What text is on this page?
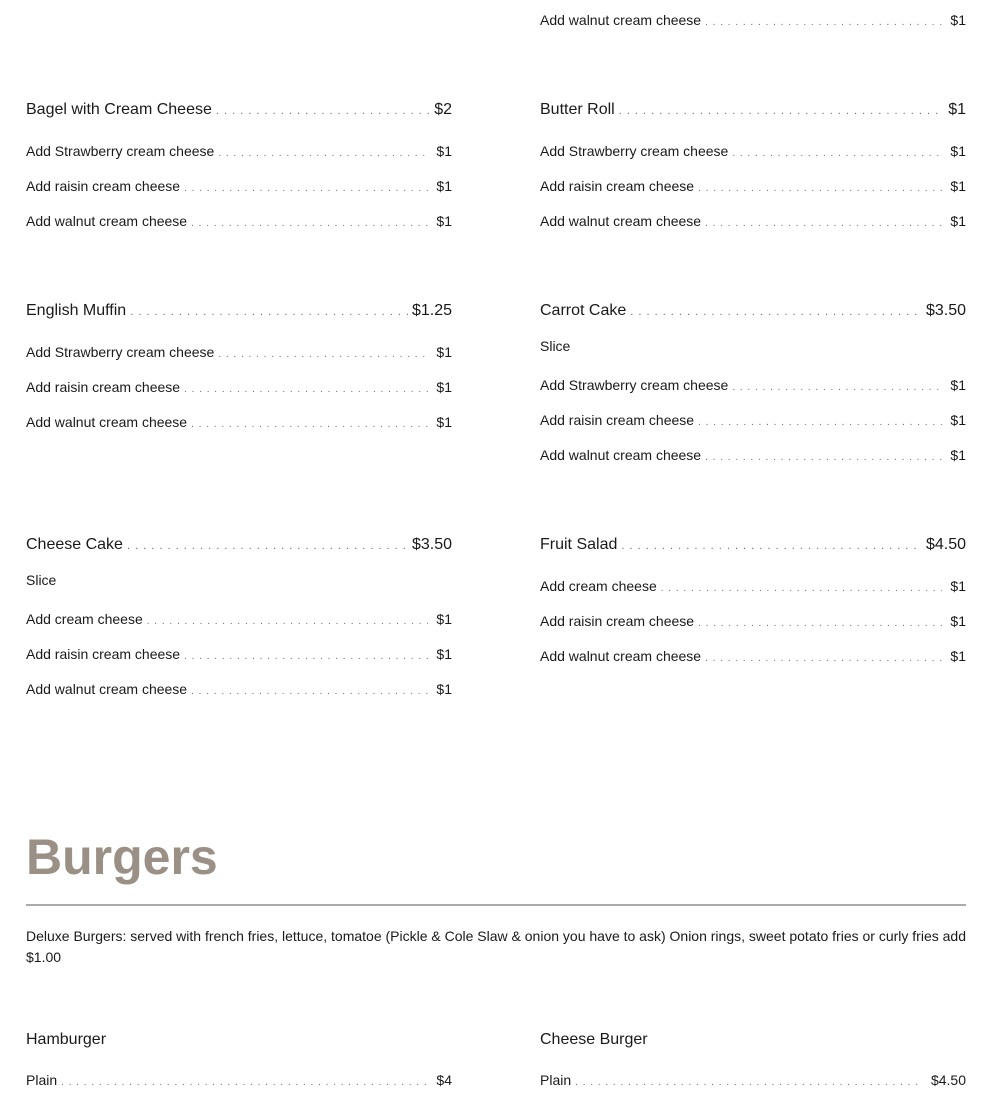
Add walnut cream cheese . . .	$1
Bagel with Cream Cheese . . .	$2
Add Strawberry cream cheese . . .	$1
Add raisin cream cheese . . .	$1
Add walnut cream cheese . . .	$1
English Muffin . . .	$1.25
Add Strawberry cream cheese . . .	$1
Add raisin cream cheese . . .	$1
Add walnut cream cheese . . .	$1
Cheese Cake . . .	$3.50
Slice
Add cream cheese . . .	$1
Add raisin cream cheese . . .	$1
Add walnut cream cheese . . .	$1
Hamburger
Plain . . .	$4
Butter Roll . . .	$1
Add Strawberry cream cheese . . .	$1
Add raisin cream cheese . . .	$1
Add walnut cream cheese . . .	$1
Carrot Cake . . .	$3.50
Slice
Add Strawberry cream cheese . . .	$1
Add raisin cream cheese . . .	$1
Add walnut cream cheese . . .	$1
Fruit Salad . . .	$4.50
Add cream cheese . . .	$1
Add raisin cream cheese . . .	$1
Add walnut cream cheese . . .	$1
Cheese Burger
Plain . . .	$4.50
Burgers
Deluxe Burgers: served with french fries, lettuce, tomatoe (Pickle & Cole Slaw & onion you have to ask) Onion rings, sweet potato fries or curly fries add $1.00
